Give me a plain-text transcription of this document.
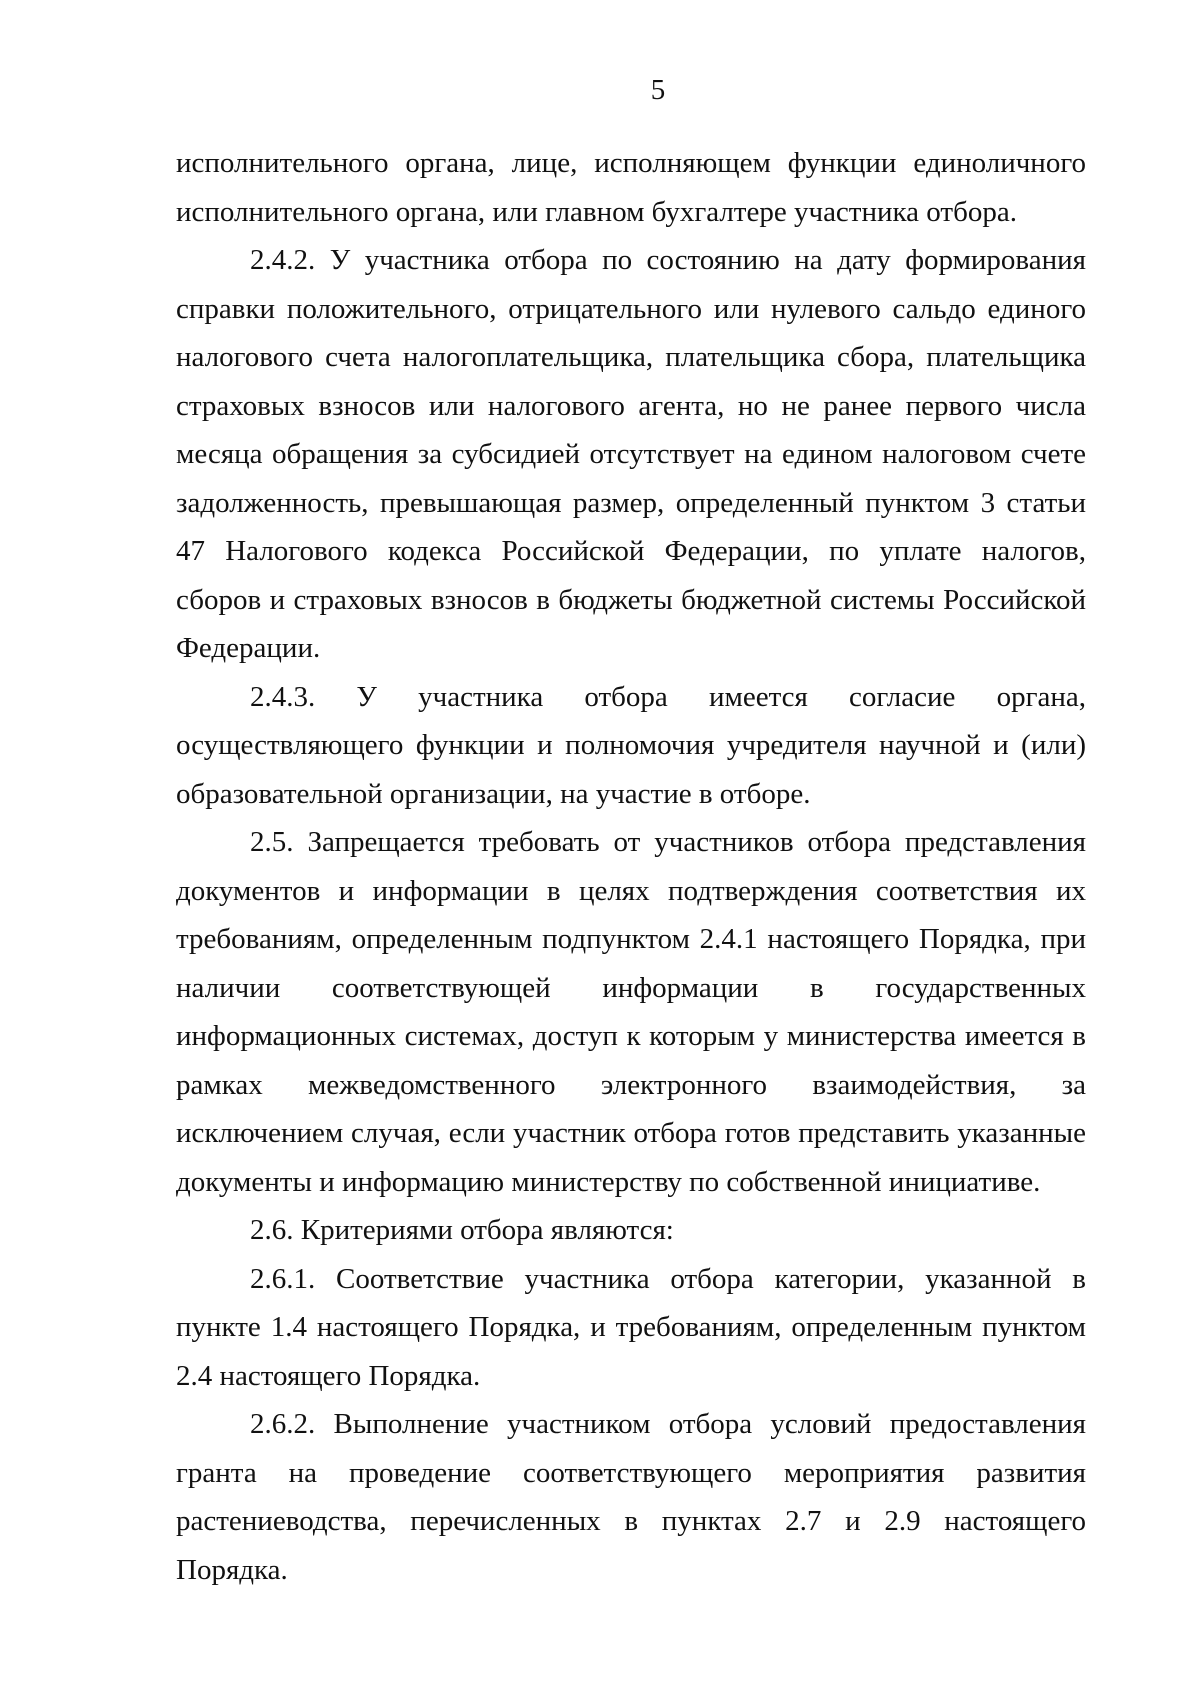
5

исполнительного органа, лице, исполняющем функции единоличного исполнительного органа, или главном бухгалтере участника отбора.

2.4.2. У участника отбора по состоянию на дату формирования справки положительного, отрицательного или нулевого сальдо единого налогового счета налогоплательщика, плательщика сбора, плательщика страховых взносов или налогового агента, но не ранее первого числа месяца обращения за субсидией отсутствует на едином налоговом счете задолженность, превышающая размер, определенный пунктом 3 статьи 47 Налогового кодекса Российской Федерации, по уплате налогов, сборов и страховых взносов в бюджеты бюджетной системы Российской Федерации.

2.4.3. У участника отбора имеется согласие органа, осуществляющего функции и полномочия учредителя научной и (или) образовательной организации, на участие в отборе.

2.5. Запрещается требовать от участников отбора представления документов и информации в целях подтверждения соответствия их требованиям, определенным подпунктом 2.4.1 настоящего Порядка, при наличии соответствующей информации в государственных информационных системах, доступ к которым у министерства имеется в рамках межведомственного электронного взаимодействия, за исключением случая, если участник отбора готов представить указанные документы и информацию министерству по собственной инициативе.

2.6. Критериями отбора являются:

2.6.1. Соответствие участника отбора категории, указанной в пункте 1.4 настоящего Порядка, и требованиям, определенным пунктом 2.4 настоящего Порядка.

2.6.2. Выполнение участником отбора условий предоставления гранта на проведение соответствующего мероприятия развития растениеводства, перечисленных в пунктах 2.7 и 2.9 настоящего Порядка.
